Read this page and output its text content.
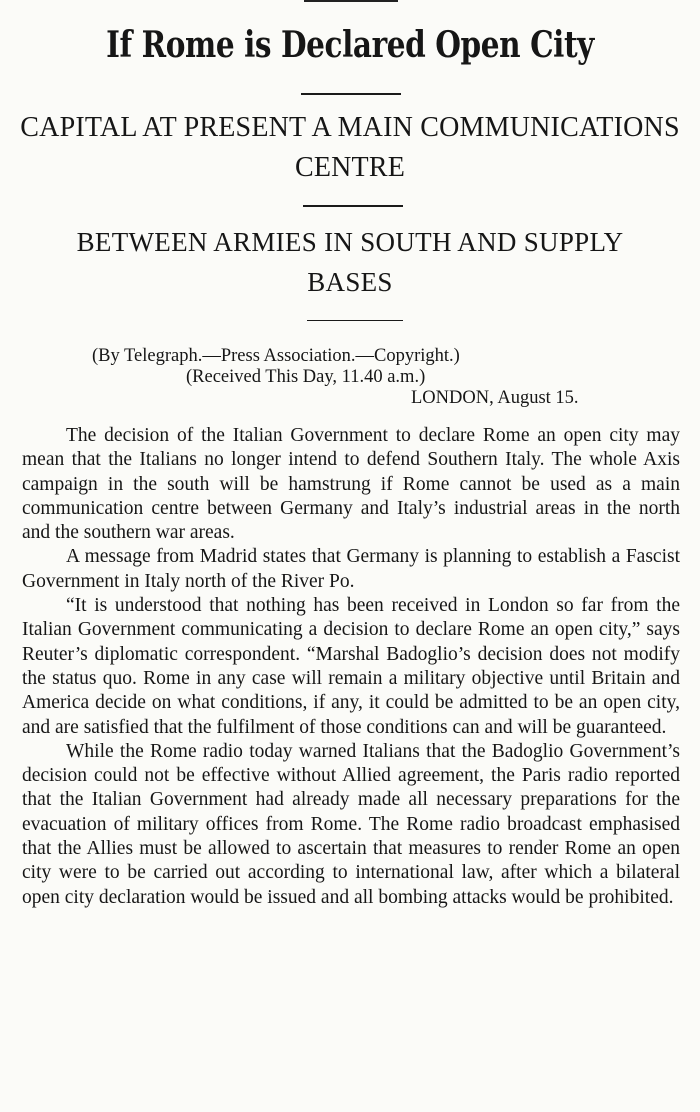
If Rome is Declared Open City
CAPITAL AT PRESENT A MAIN COMMUNICATIONS
CENTRE
BETWEEN ARMIES IN SOUTH AND SUPPLY
BASES
(By Telegraph.—Press Association.—Copyright.)
(Received This Day, 11.40 a.m.)
LONDON, August 15.

The decision of the Italian Government to declare Rome an open city may mean that the Italians no longer intend to defend Southern Italy. The whole Axis campaign in the south will be hamstrung if Rome cannot be used as a main communication centre between Germany and Italy’s industrial areas in the north and the southern war areas.

A message from Madrid states that Germany is planning to establish a Fascist Government in Italy north of the River Po.

“It is understood that nothing has been received in London so far from the Italian Government communicating a decision to declare Rome an open city,” says Reuter’s diplomatic correspondent. “Marshal Badoglio’s decision does not modify the status quo. Rome in any case will remain a military objective until Britain and America decide on what conditions, if any, it could be admitted to be an open city, and are satisfied that the fulfilment of those conditions can and will be guaranteed.

While the Rome radio today warned Italians that the Badoglio Government’s decision could not be effective without Allied agreement, the Paris radio reported that the Italian Government had already made all necessary preparations for the evacuation of military offices from Rome. The Rome radio broadcast emphasised that the Allies must be allowed to ascertain that measures to render Rome an open city were to be carried out according to international law, after which a bilateral open city declaration would be issued and all bombing attacks would be prohibited.
